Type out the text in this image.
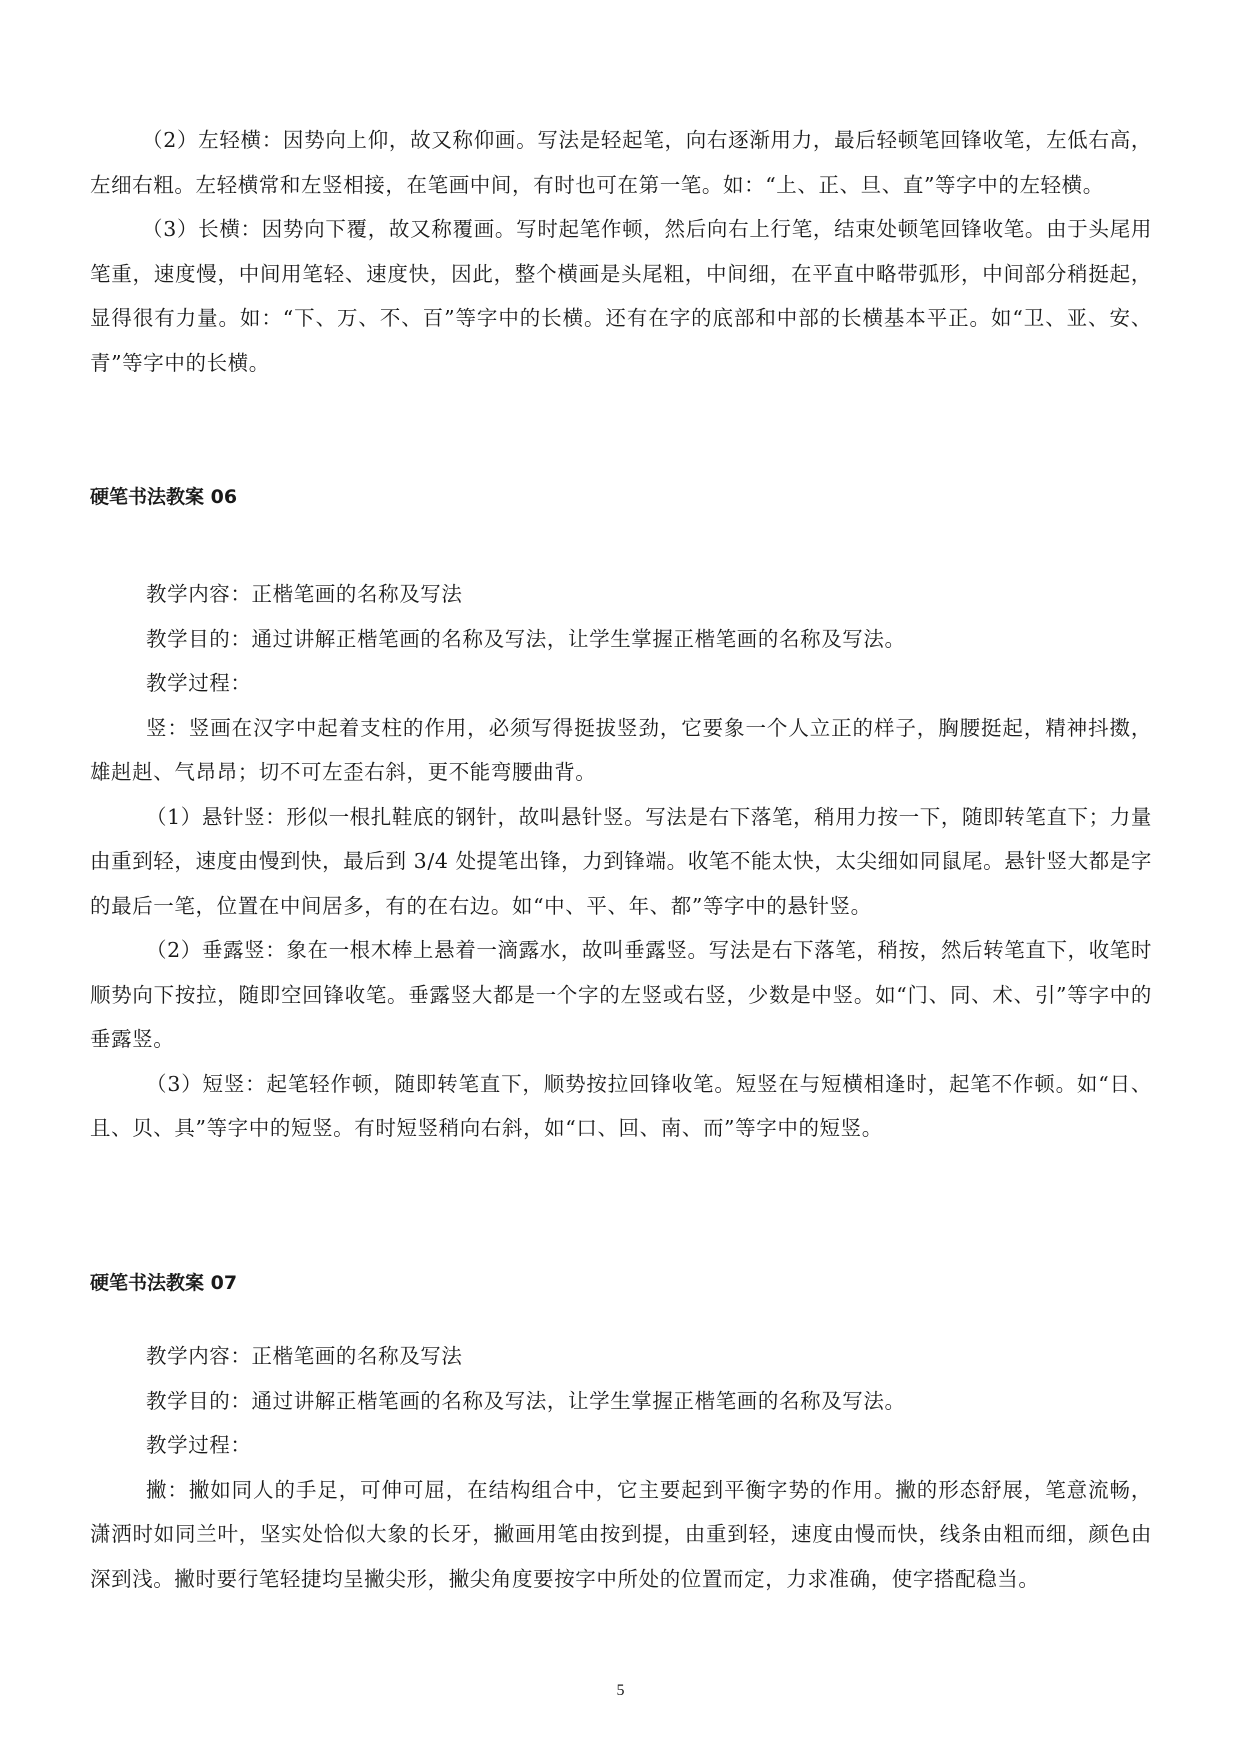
（2）左轻横：因势向上仰，故又称仰画。写法是轻起笔，向右逐渐用力，最后轻顿笔回锋收笔，左低右高，左细右粗。左轻横常和左竖相接，在笔画中间，有时也可在第一笔。如：“上、正、旦、直”等字中的左轻横。

（3）长横：因势向下覆，故又称覆画。写时起笔作顿，然后向右上行笔，结束处顿笔回锋收笔。由于头尾用笔重，速度慢，中间用笔轻、速度快，因此，整个横画是头尾粗，中间细，在平直中略带弧形，中间部分稍挺起，显得很有力量。如：“下、万、不、百”等字中的长横。还有在字的底部和中部的长横基本平正。如“卫、亚、安、青”等字中的长横。

硬笔书法教案 06

教学内容：正楷笔画的名称及写法

教学目的：通过讲解正楷笔画的名称及写法，让学生掌握正楷笔画的名称及写法。

教学过程：

竖：竖画在汉字中起着支柱的作用，必须写得挺拔竖劲，它要象一个人立正的样子，胸腰挺起，精神抖擞，雄赳赳、气昂昂；切不可左歪右斜，更不能弯腰曲背。

（1）悬针竖：形似一根扎鞋底的钢针，故叫悬针竖。写法是右下落笔，稍用力按一下，随即转笔直下；力量由重到轻，速度由慢到快，最后到 3/4 处提笔出锋，力到锋端。收笔不能太快，太尖细如同鼠尾。悬针竖大都是字的最后一笔，位置在中间居多，有的在右边。如“中、平、年、都”等字中的悬针竖。

（2）垂露竖：象在一根木棒上悬着一滴露水，故叫垂露竖。写法是右下落笔，稍按，然后转笔直下，收笔时顺势向下按拉，随即空回锋收笔。垂露竖大都是一个字的左竖或右竖，少数是中竖。如“门、同、术、引”等字中的垂露竖。

（3）短竖：起笔轻作顿，随即转笔直下，顺势按拉回锋收笔。短竖在与短横相逢时，起笔不作顿。如“日、且、贝、具”等字中的短竖。有时短竖稍向右斜，如“口、回、南、而”等字中的短竖。

硬笔书法教案 07

教学内容：正楷笔画的名称及写法

教学目的：通过讲解正楷笔画的名称及写法，让学生掌握正楷笔画的名称及写法。

教学过程：

撇：撇如同人的手足，可伸可屈，在结构组合中，它主要起到平衡字势的作用。撇的形态舒展，笔意流畅，潇洒时如同兰叶，坚实处恰似大象的长牙，撇画用笔由按到提，由重到轻，速度由慢而快，线条由粗而细，颜色由深到浅。撇时要行笔轻捷均呈撇尖形，撇尖角度要按字中所处的位置而定，力求准确，使字搭配稳当。

5
